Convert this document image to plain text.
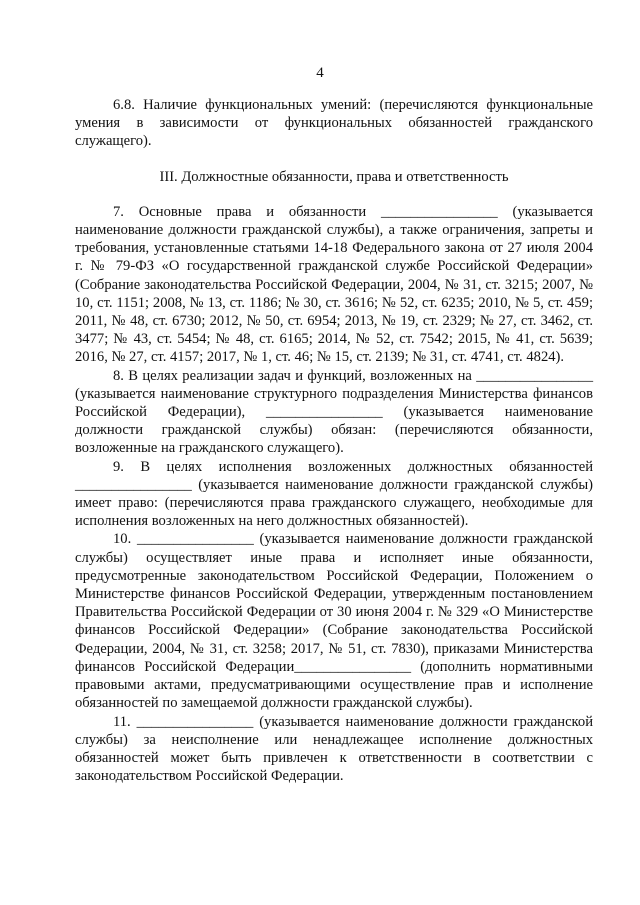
4

6.8. Наличие функциональных умений: (перечисляются функциональные умения в зависимости от функциональных обязанностей гражданского служащего).

III. Должностные обязанности, права и ответственность

7. Основные права и обязанности ________________ (указывается наименование должности гражданской службы), а также ограничения, запреты и требования, установленные статьями 14-18 Федерального закона от 27 июля 2004 г. № 79-ФЗ «О государственной гражданской службе Российской Федерации» (Собрание законодательства Российской Федерации, 2004, № 31, ст. 3215; 2007, № 10, ст. 1151; 2008, № 13, ст. 1186; № 30, ст. 3616; № 52, ст. 6235; 2010, № 5, ст. 459; 2011, № 48, ст. 6730; 2012, № 50, ст. 6954; 2013, № 19, ст. 2329; № 27, ст. 3462, ст. 3477; № 43, ст. 5454; № 48, ст. 6165; 2014, № 52, ст. 7542; 2015, № 41, ст. 5639; 2016, № 27, ст. 4157; 2017, № 1, ст. 46; № 15, ст. 2139; № 31, ст. 4741, ст. 4824).

8. В целях реализации задач и функций, возложенных на ________________ (указывается наименование структурного подразделения Министерства финансов Российской Федерации), ________________ (указывается наименование должности гражданской службы) обязан: (перечисляются обязанности, возложенные на гражданского служащего).

9. В целях исполнения возложенных должностных обязанностей ________________ (указывается наименование должности гражданской службы) имеет право: (перечисляются права гражданского служащего, необходимые для исполнения возложенных на него должностных обязанностей).

10. ________________ (указывается наименование должности гражданской службы) осуществляет иные права и исполняет иные обязанности, предусмотренные законодательством Российской Федерации, Положением о Министерстве финансов Российской Федерации, утвержденным постановлением Правительства Российской Федерации от 30 июня 2004 г. № 329 «О Министерстве финансов Российской Федерации» (Собрание законодательства Российской Федерации, 2004, № 31, ст. 3258; 2017, № 51, ст. 7830), приказами Министерства финансов Российской Федерации________________ (дополнить нормативными правовыми актами, предусматривающими осуществление прав и исполнение обязанностей по замещаемой должности гражданской службы).

11. ________________ (указывается наименование должности гражданской службы) за неисполнение или ненадлежащее исполнение должностных обязанностей может быть привлечен к ответственности в соответствии с законодательством Российской Федерации.
